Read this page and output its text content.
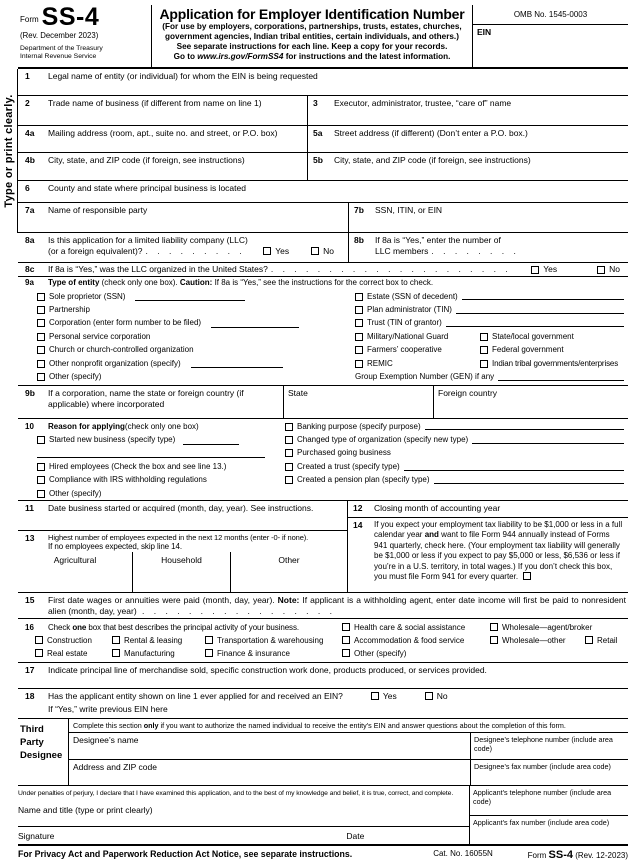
Form SS-4
(Rev. December 2023)
Department of the Treasury
Internal Revenue Service
Application for Employer Identification Number
(For use by employers, corporations, partnerships, trusts, estates, churches, government agencies, Indian tribal entities, certain individuals, and others.)
See separate instructions for each line. Keep a copy for your records.
Go to www.irs.gov/FormSS4 for instructions and the latest information.
OMB No. 1545-0003
EIN
Type or print clearly.
1	Legal name of entity (or individual) for whom the EIN is being requested
2	Trade name of business (if different from name on line 1)	3	Executor, administrator, trustee, “care of” name
4a	Mailing address (room, apt., suite no. and street, or P.O. box)	5a	Street address (if different) (Don’t enter a P.O. box.)
4b	City, state, and ZIP code (if foreign, see instructions)	5b	City, state, and ZIP code (if foreign, see instructions)
6	County and state where principal business is located
7a	Name of responsible party	7b	SSN, ITIN, or EIN
8a	Is this application for a limited liability company (LLC)
(or a foreign equivalent)? . . . . . . . . .	Yes	No
8b	If 8a is “Yes,” enter the number of
LLC members . . . . . . . .
8c	If 8a is “Yes,” was the LLC organized in the United States? . . . . . . . . . . . . . . . . . . . . .	Yes	No
9a	Type of entity (check only one box). Caution: If 8a is “Yes,” see the instructions for the correct box to check.
Sole proprietor (SSN)
Partnership
Corporation (enter form number to be filed)
Personal service corporation
Church or church-controlled organization
Other nonprofit organization (specify)
Other (specify)
Estate (SSN of decedent)
Plan administrator (TIN)
Trust (TIN of grantor)
Military/National Guard	State/local government
Farmers’ cooperative	Federal government
REMIC	Indian tribal governments/enterprises
Group Exemption Number (GEN) if any
9b	If a corporation, name the state or foreign country (if applicable) where incorporated
State	Foreign country
10	Reason for applying (check only one box)
Started new business (specify type)
Hired employees (Check the box and see line 13.)
Compliance with IRS withholding regulations
Other (specify)
Banking purpose (specify purpose)
Changed type of organization (specify new type)
Purchased going business
Created a trust (specify type)
Created a pension plan (specify type)
11	Date business started or acquired (month, day, year). See instructions.
13	Highest number of employees expected in the next 12 months (enter -0- if none).
If no employees expected, skip line 14.
Agricultural	Household	Other
12	Closing month of accounting year
14	If you expect your employment tax liability to be $1,000 or less in a full calendar year and want to file Form 944 annually instead of Forms 941 quarterly, check here. (Your employment tax liability will generally be $1,000 or less if you expect to pay $5,000 or less, $6,536 or less if you’re in a U.S. territory, in total wages.) If you don’t check this box, you must file Form 941 for every quarter.
15	First date wages or annuities were paid (month, day, year). Note: If applicant is a withholding agent, enter date income will first be paid to nonresident alien (month, day, year) . . . . . . . . . . . . . . . . .
16	Check one box that best describes the principal activity of your business.	Health care & social assistance	Wholesale—agent/broker
Construction	Rental & leasing	Transportation & warehousing	Accommodation & food service	Wholesale—other	Retail
Real estate	Manufacturing	Finance & insurance	Other (specify)
17	Indicate principal line of merchandise sold, specific construction work done, products produced, or services provided.
18	Has the applicant entity shown on line 1 ever applied for and received an EIN?	Yes	No
If “Yes,” write previous EIN here
Third Party Designee
Complete this section only if you want to authorize the named individual to receive the entity’s EIN and answer questions about the completion of this form.
Designee’s name	Designee’s telephone number (include area code)
Address and ZIP code	Designee’s fax number (include area code)
Under penalties of perjury, I declare that I have examined this application, and to the best of my knowledge and belief, it is true, correct, and complete.
Name and title (type or print clearly)
Signature	Date
Applicant’s telephone number (include area code)
Applicant’s fax number (include area code)
For Privacy Act and Paperwork Reduction Act Notice, see separate instructions.	Cat. No. 16055N	Form SS-4 (Rev. 12-2023)
